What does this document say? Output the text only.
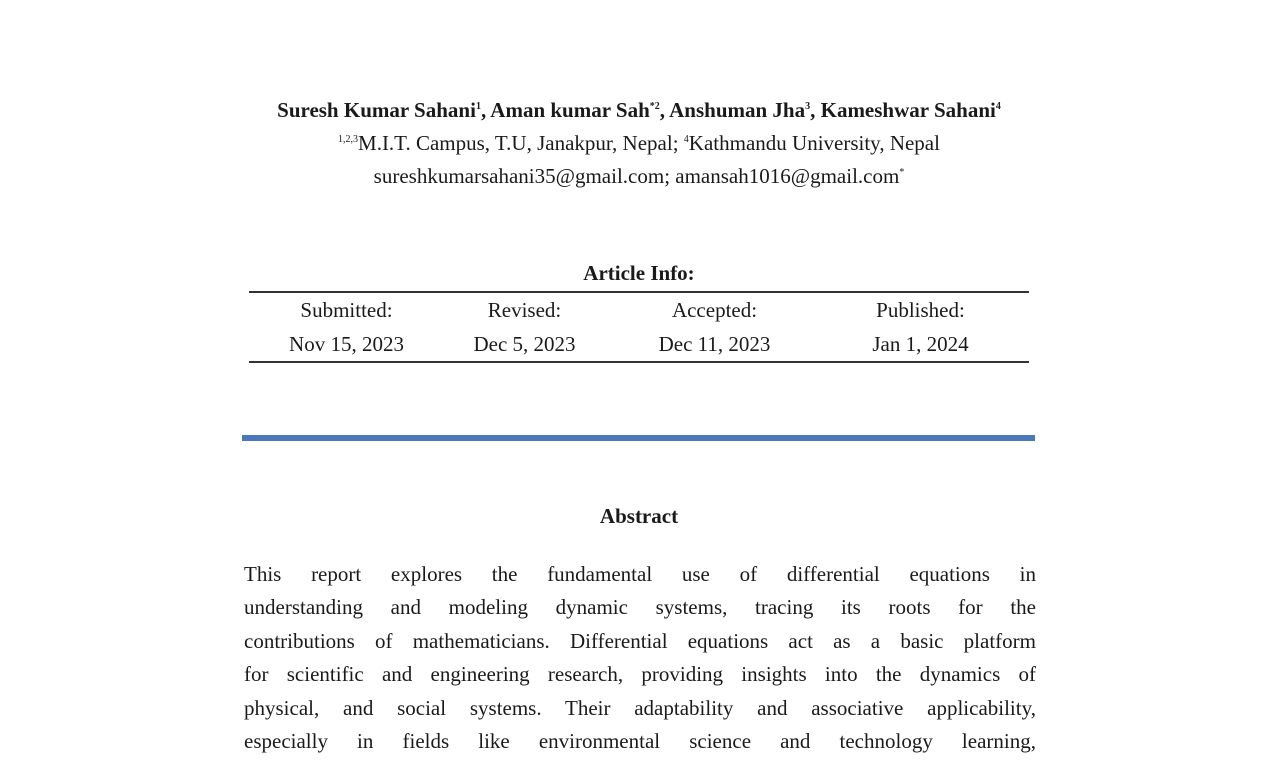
Suresh Kumar Sahani$^1$, Aman kumar Sah$^{*2}$, Anshuman Jha$^3$, Kameshwar Sahani$^4$
$^{1,2,3}$M.I.T. Campus, T.U, Janakpur, Nepal; $^4$Kathmandu University, Nepal
sureshkumarsahani35@gmail.com; amansah1016@gmail.com*
Article Info:
Submitted:
Nov 15, 2023
Revised:
Dec 5, 2023
Accepted:
Dec 11, 2023
Published:
Jan 1, 2024
Abstract
This report explores the fundamental use of differential equations in
understanding and modeling dynamic systems, tracing its roots for the
contributions of mathematicians. Differential equations act as a basic platform
for scientific and engineering research, providing insights into the dynamics of
physical, and social systems. Their adaptability and associative applicability,
especially in fields like environmental science and technology learning,
